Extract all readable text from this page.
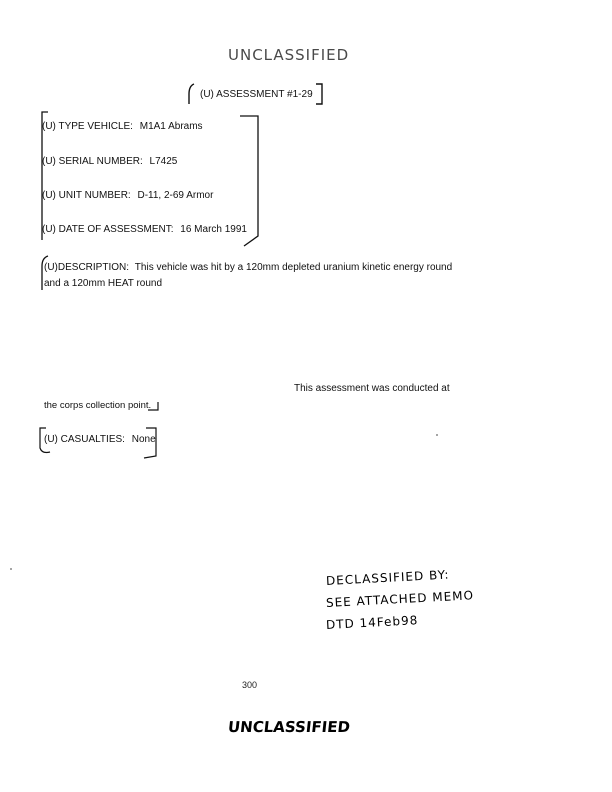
UNCLASSIFIED
(U) ASSESSMENT #1-29
(U) TYPE VEHICLE: M1A1 Abrams
(U) SERIAL NUMBER: L7425
(U) UNIT NUMBER: D-11, 2-69 Armor
(U) DATE OF ASSESSMENT: 16 March 1991
(U)DESCRIPTION: This vehicle was hit by a 120mm depleted uranium kinetic energy round
and a 120mm HEAT round
This assessment was conducted at
the corps collection point.
(U) CASUALTIES: None
DECLASSIFIED BY:
SEE ATTACHED MEMO
DTD 14Feb98
300
UNCLASSIFIED
